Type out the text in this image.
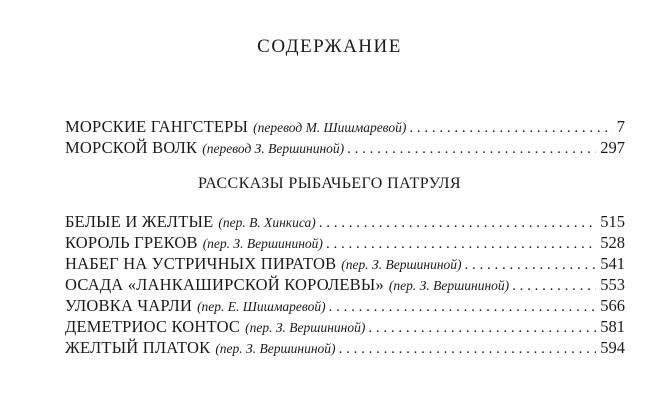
СОДЕРЖАНИЕ
МОРСКИЕ ГАНГСТЕРЫ (перевод М. Шишмаревой) . . .	7
МОРСКОЙ ВОЛК (перевод З. Вершининой) . . .	297
РАССКАЗЫ РЫБАЧЬЕГО ПАТРУЛЯ
БЕЛЫЕ И ЖЕЛТЫЕ (пер. В. Хинкиса) . . .	515
КОРОЛЬ ГРЕКОВ (пер. З. Вершининой) . . .	528
НАБЕГ НА УСТРИЧНЫХ ПИРАТОВ (пер. З. Вершининой) . . .	541
ОСАДА «ЛАНКАШИРСКОЙ КОРОЛЕВЫ» (пер. З. Вершининой) . . .	553
УЛОВКА ЧАРЛИ (пер. Е. Шишмаревой) . . .	566
ДЕМЕТРИОС КОНТОС (пер. З. Вершининой) . . .	581
ЖЕЛТЫЙ ПЛАТОК (пер. З. Вершининой) . . .	594
